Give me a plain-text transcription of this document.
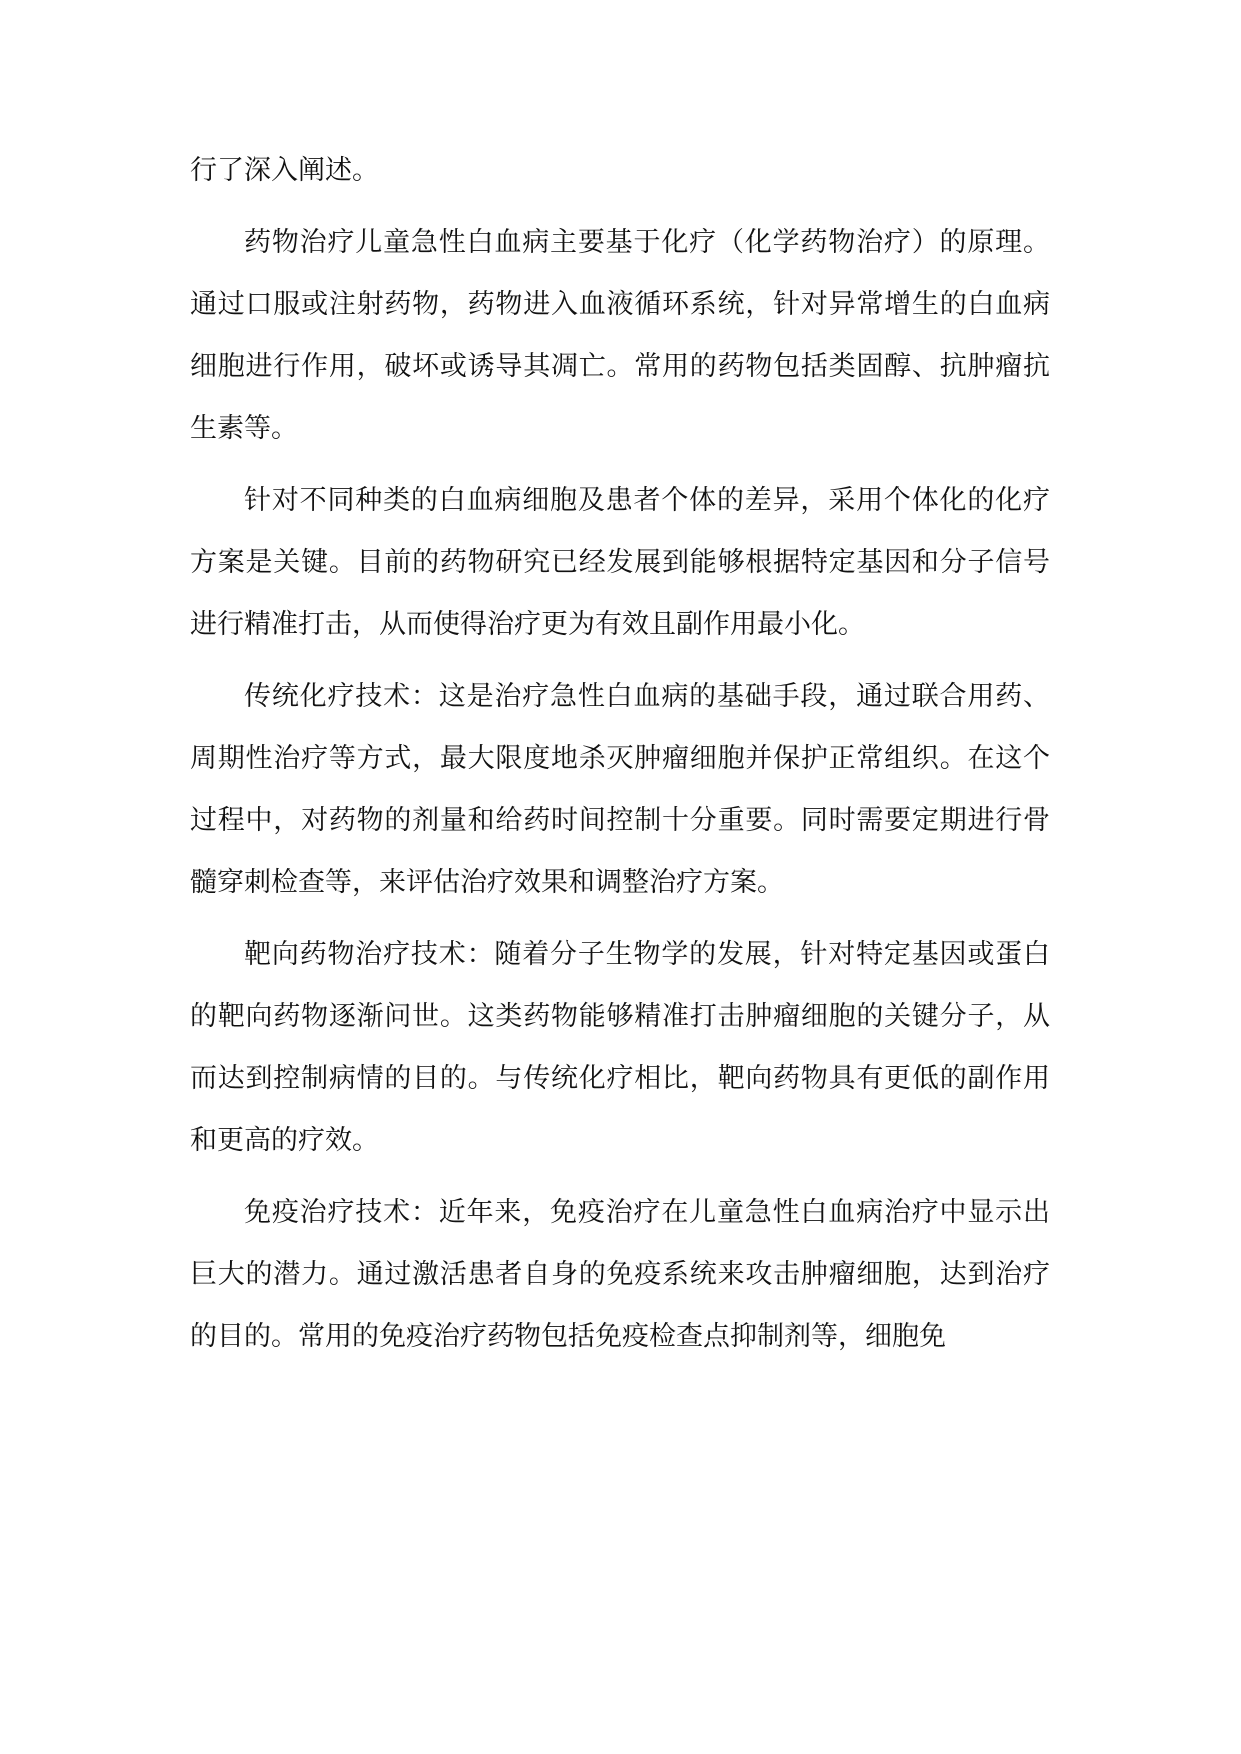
行了深入阐述。

药物治疗儿童急性白血病主要基于化疗（化学药物治疗）的原理。通过口服或注射药物，药物进入血液循环系统，针对异常增生的白血病细胞进行作用，破坏或诱导其凋亡。常用的药物包括类固醇、抗肿瘤抗生素等。

针对不同种类的白血病细胞及患者个体的差异，采用个体化的化疗方案是关键。目前的药物研究已经发展到能够根据特定基因和分子信号进行精准打击，从而使得治疗更为有效且副作用最小化。

传统化疗技术：这是治疗急性白血病的基础手段，通过联合用药、周期性治疗等方式，最大限度地杀灭肿瘤细胞并保护正常组织。在这个过程中，对药物的剂量和给药时间控制十分重要。同时需要定期进行骨髓穿刺检查等，来评估治疗效果和调整治疗方案。

靶向药物治疗技术：随着分子生物学的发展，针对特定基因或蛋白的靶向药物逐渐问世。这类药物能够精准打击肿瘤细胞的关键分子，从而达到控制病情的目的。与传统化疗相比，靶向药物具有更低的副作用和更高的疗效。

免疫治疗技术：近年来，免疫治疗在儿童急性白血病治疗中显示出巨大的潜力。通过激活患者自身的免疫系统来攻击肿瘤细胞，达到治疗的目的。常用的免疫治疗药物包括免疫检查点抑制剂等，细胞免
